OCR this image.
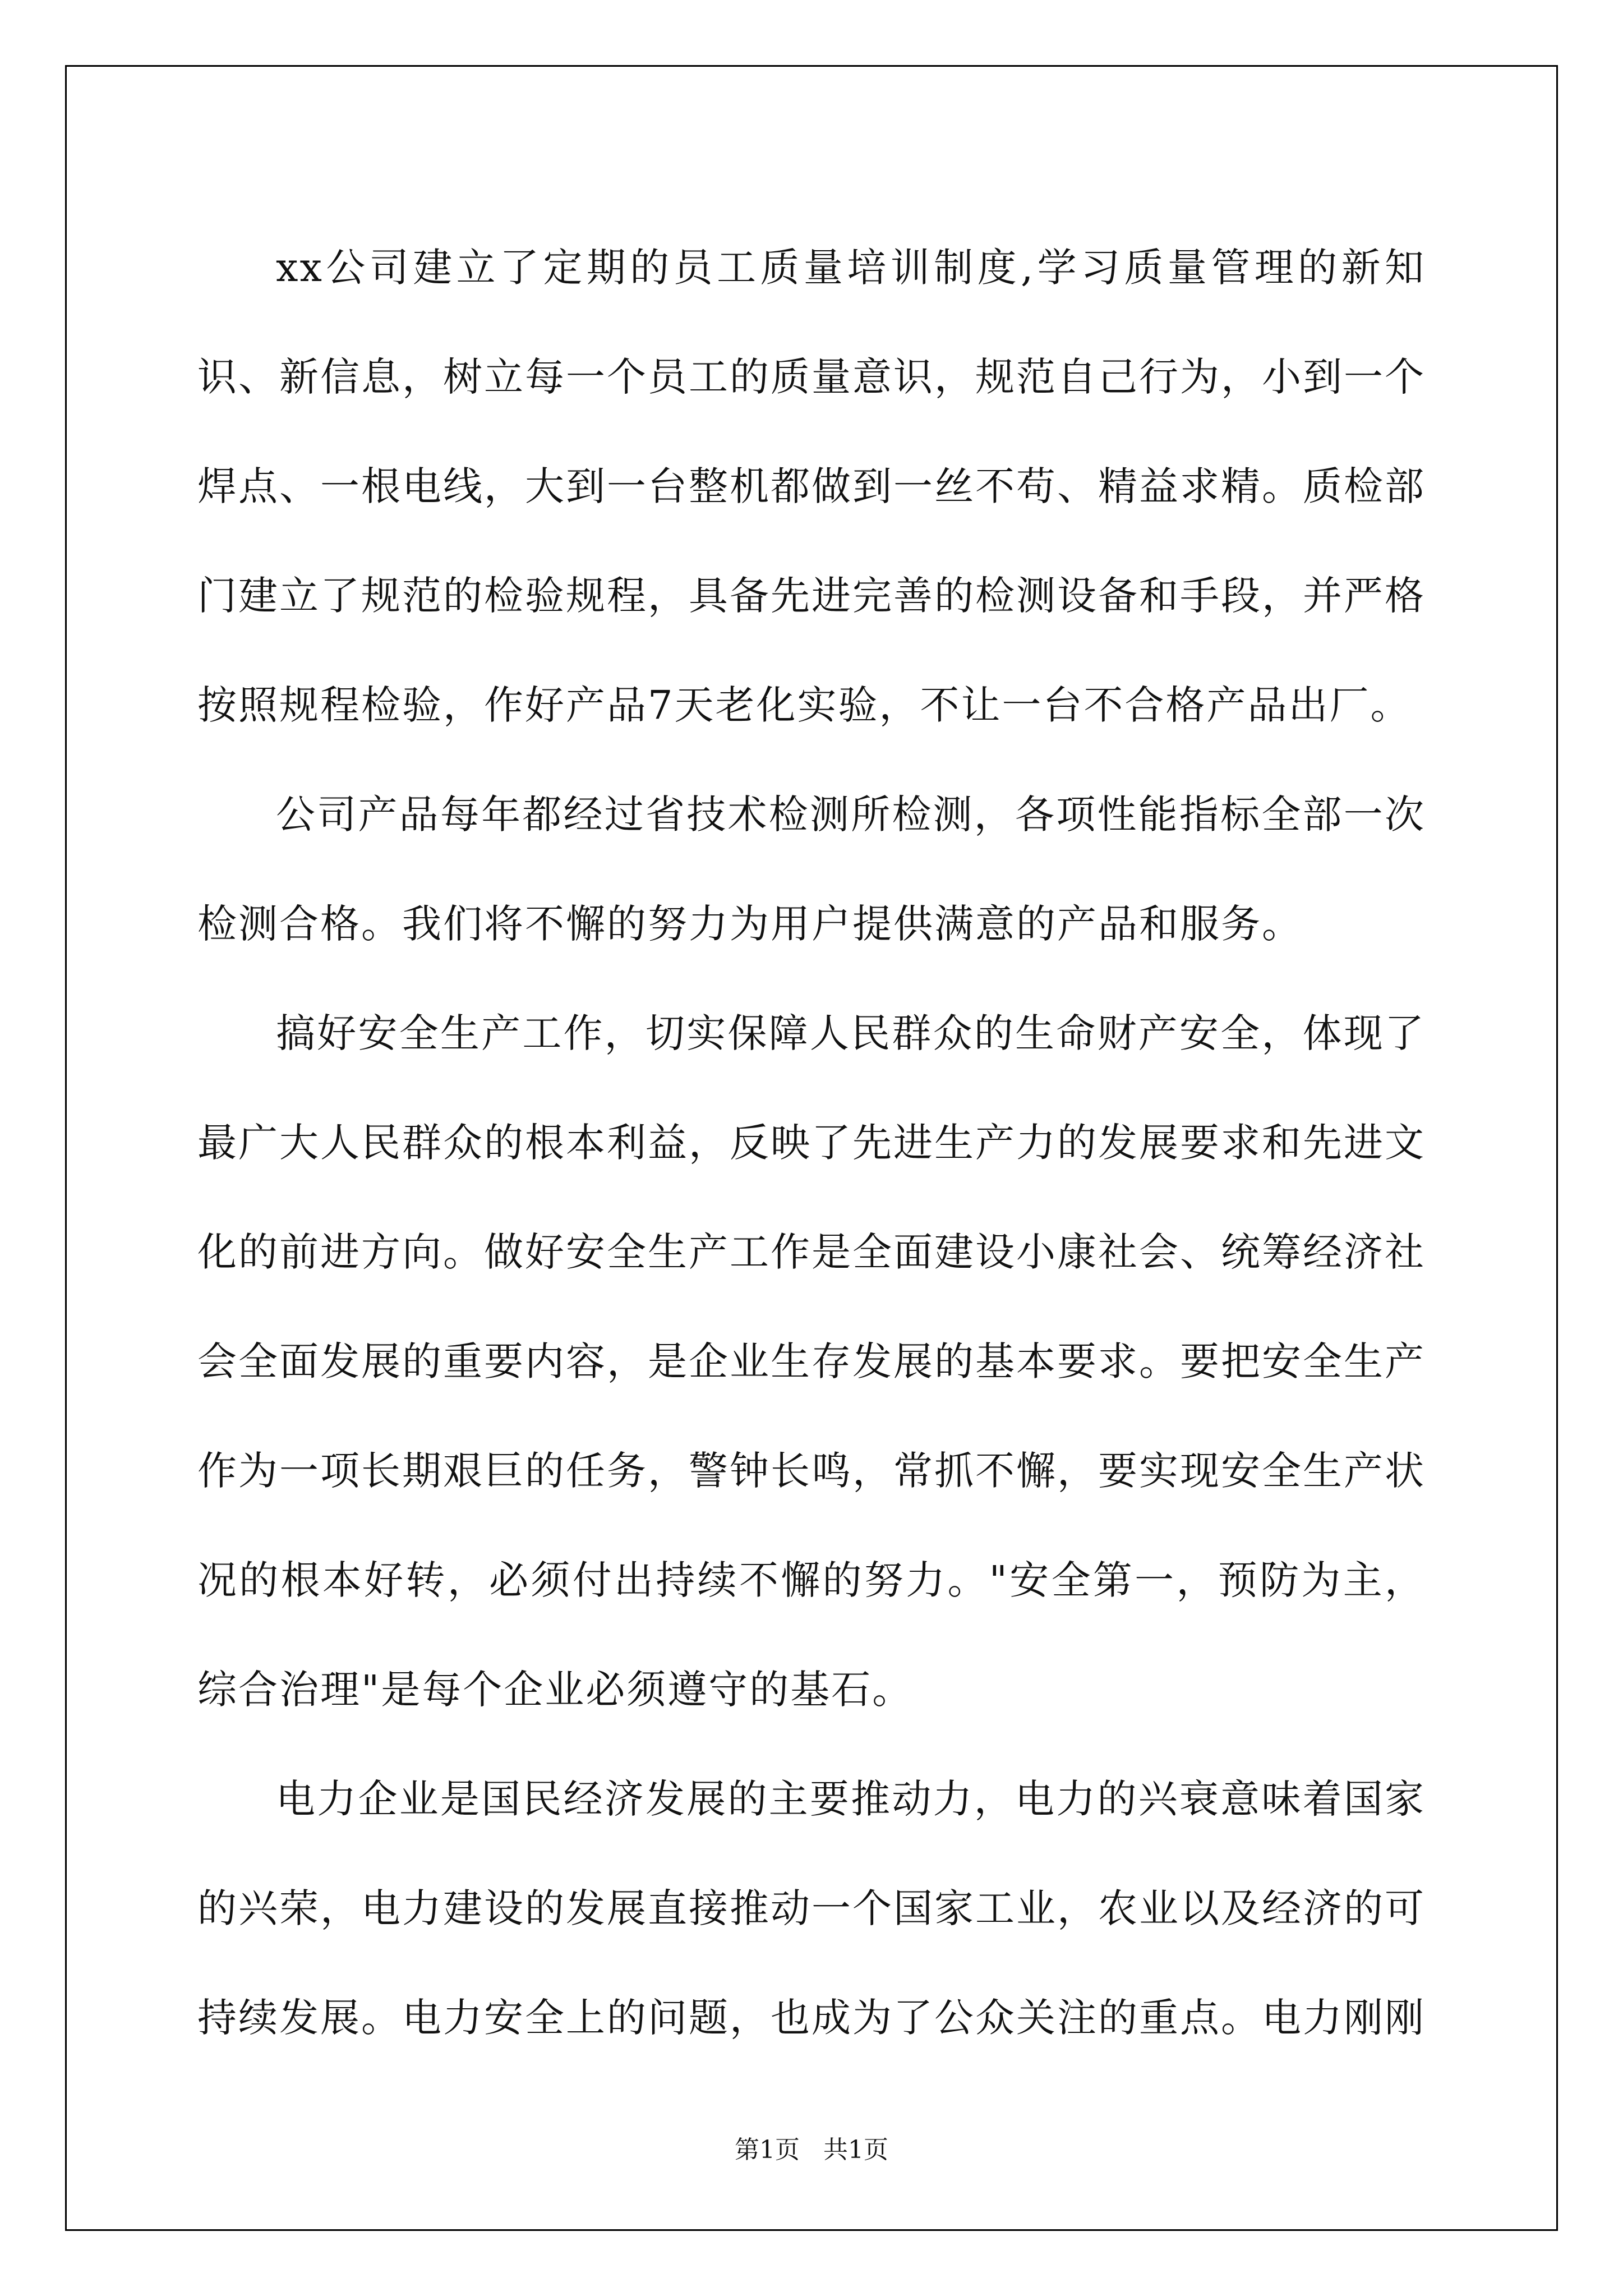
xx公司建立了定期的员工质量培训制度,学习质量管理的新知识、新信息，树立每一个员工的质量意识，规范自己行为，小到一个焊点、一根电线，大到一台整机都做到一丝不苟、精益求精。质检部门建立了规范的检验规程，具备先进完善的检测设备和手段，并严格按照规程检验，作好产品7天老化实验，不让一台不合格产品出厂。

公司产品每年都经过省技术检测所检测，各项性能指标全部一次检测合格。我们将不懈的努力为用户提供满意的产品和服务。

搞好安全生产工作，切实保障人民群众的生命财产安全，体现了最广大人民群众的根本利益，反映了先进生产力的发展要求和先进文化的前进方向。做好安全生产工作是全面建设小康社会、统筹经济社会全面发展的重要内容，是企业生存发展的基本要求。要把安全生产作为一项长期艰巨的任务，警钟长鸣，常抓不懈，要实现安全生产状况的根本好转，必须付出持续不懈的努力。"安全第一，预防为主，综合治理"是每个企业必须遵守的基石。

电力企业是国民经济发展的主要推动力，电力的兴衰意味着国家的兴荣，电力建设的发展直接推动一个国家工业，农业以及经济的可持续发展。电力安全上的问题，也成为了公众关注的重点。电力刚刚

第1页   共1页
